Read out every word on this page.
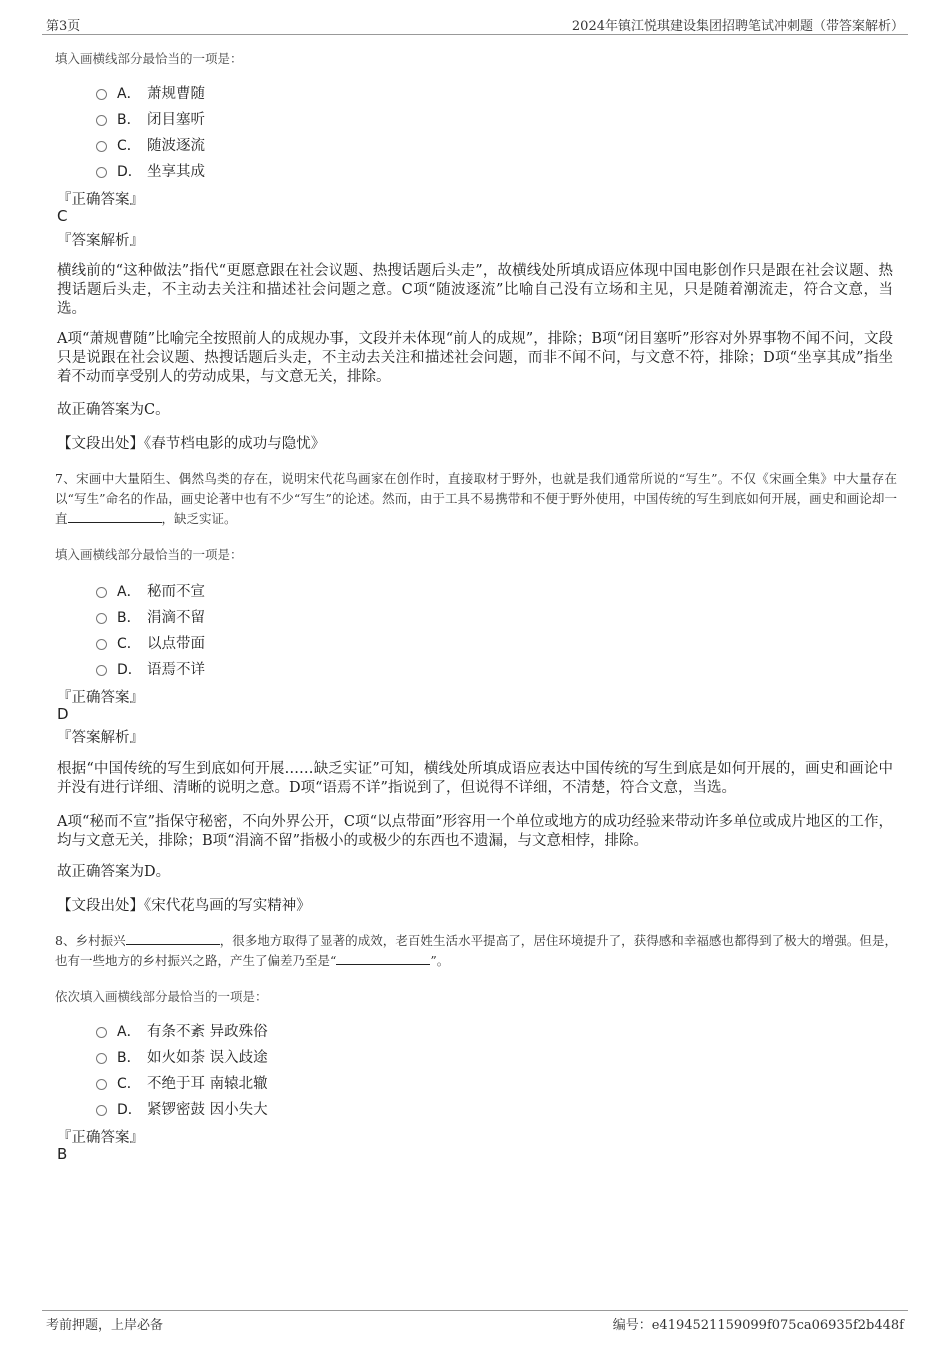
第3页	2024年镇江悦琪建设集团招聘笔试冲刺题（带答案解析）
填入画横线部分最恰当的一项是：
A． 萧规曹随
B． 闭目塞听
C． 随波逐流
D． 坐享其成
『正确答案』
C
『答案解析』
横线前的“这种做法”指代“更愿意跟在社会议题、热搜话题后头走”，故横线处所填成语应体现中国电影创作只是跟在社会议题、热搜话题后头走，不主动去关注和描述社会问题之意。C项“随波逐流”比喻自己没有立场和主见，只是随着潮流走，符合文意，当选。
A项“萧规曹随”比喻完全按照前人的成规办事，文段并未体现“前人的成规”，排除；B项“闭目塞听”形容对外界事物不闻不问，文段只是说跟在社会议题、热搜话题后头走，不主动去关注和描述社会问题，而非不闻不问，与文意不符，排除；D项“坐享其成”指坐着不动而享受别人的劳动成果，与文意无关，排除。
故正确答案为C。
【文段出处】《春节档电影的成功与隐忧》
7、宋画中大量陌生、偶然鸟类的存在，说明宋代花鸟画家在创作时，直接取材于野外，也就是我们通常所说的“写生”。不仅《宋画全集》中大量存在以“写生”命名的作品，画史论著中也有不少“写生”的论述。然而，由于工具不易携带和不便于野外使用，中国传统的写生到底如何开展，画史和画论却一直	，缺乏实证。
填入画横线部分最恰当的一项是：
A． 秘而不宣
B． 涓滴不留
C． 以点带面
D． 语焉不详
『正确答案』
D
『答案解析』
根据“中国传统的写生到底如何开展……缺乏实证”可知，横线处所填成语应表达中国传统的写生到底是如何开展的，画史和画论中并没有进行详细、清晰的说明之意。D项“语焉不详”指说到了，但说得不详细，不清楚，符合文意，当选。
A项“秘而不宣”指保守秘密，不向外界公开，C项“以点带面”形容用一个单位或地方的成功经验来带动许多单位或成片地区的工作，均与文意无关，排除；B项“涓滴不留”指极小的或极少的东西也不遗漏，与文意相悖，排除。
故正确答案为D。
【文段出处】《宋代花鸟画的写实精神》
8、乡村振兴	，很多地方取得了显著的成效，老百姓生活水平提高了，居住环境提升了，获得感和幸福感也都得到了极大的增强。但是，也有一些地方的乡村振兴之路，产生了偏差乃至是“	”。
依次填入画横线部分最恰当的一项是：
A． 有条不紊 异政殊俗
B． 如火如荼 误入歧途
C． 不绝于耳 南辕北辙
D． 紧锣密鼓 因小失大
『正确答案』
B
考前押题，上岸必备	编号：e4194521159099f075ca06935f2b448f
